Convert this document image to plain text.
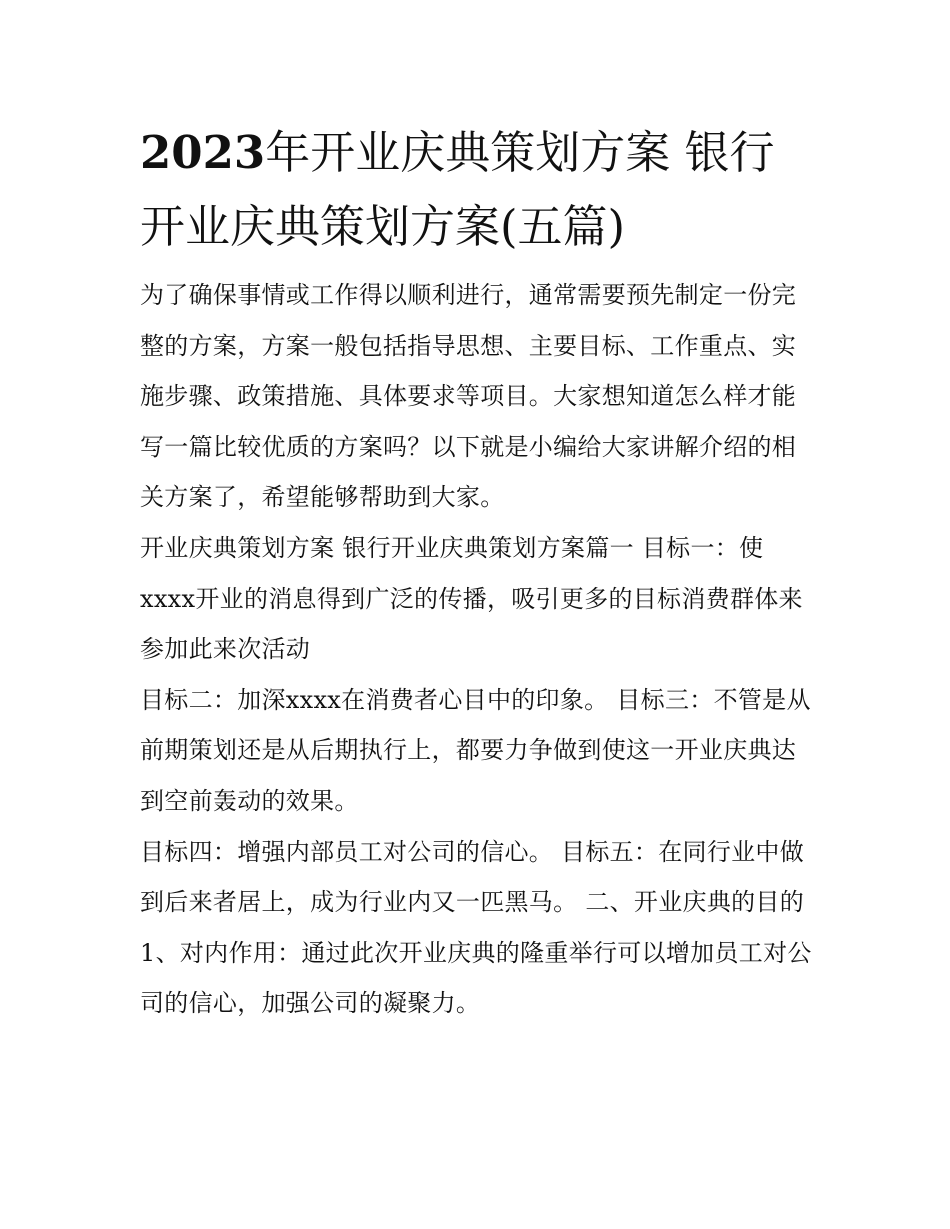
2023年开业庆典策划方案 银行开业庆典策划方案(五篇)

为了确保事情或工作得以顺利进行，通常需要预先制定一份完整的方案，方案一般包括指导思想、主要目标、工作重点、实施步骤、政策措施、具体要求等项目。大家想知道怎么样才能写一篇比较优质的方案吗？以下就是小编给大家讲解介绍的相关方案了，希望能够帮助到大家。

开业庆典策划方案 银行开业庆典策划方案篇一 目标一：使xxxx开业的消息得到广泛的传播，吸引更多的目标消费群体来参加此来次活动

目标二：加深xxxx在消费者心目中的印象。 目标三：不管是从前期策划还是从后期执行上，都要力争做到使这一开业庆典达到空前轰动的效果。

目标四：增强内部员工对公司的信心。 目标五：在同行业中做到后来者居上，成为行业内又一匹黑马。 二、开业庆典的目的

1、对内作用：通过此次开业庆典的隆重举行可以增加员工对公司的信心，加强公司的凝聚力。
